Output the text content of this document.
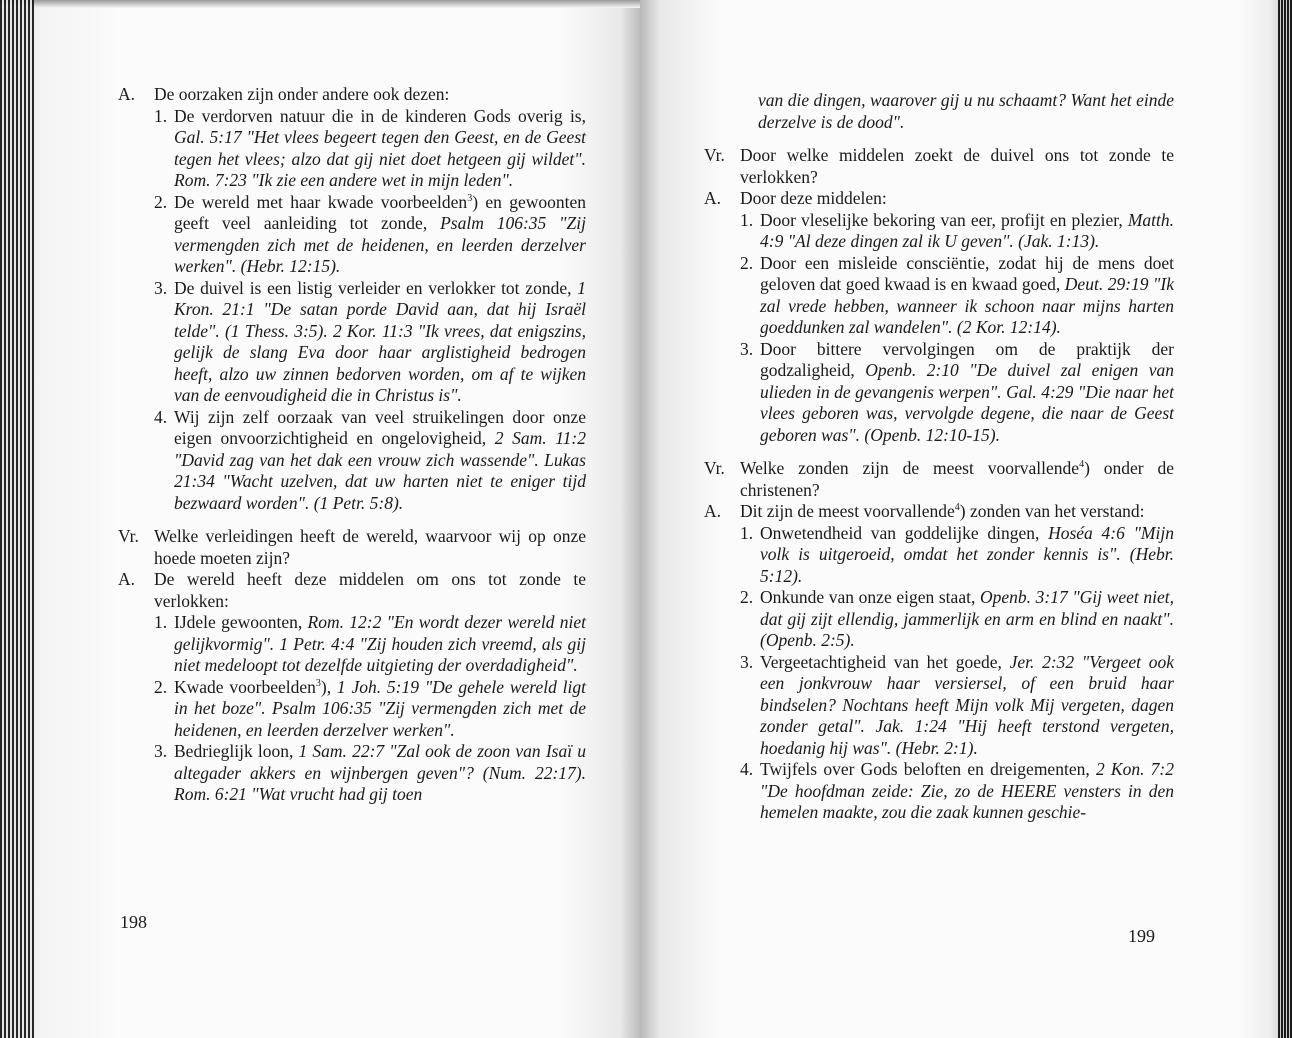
A.	De oorzaken zijn onder andere ook dezen:
1. De verdorven natuur die in de kinderen Gods overig is, Gal. 5:17 "Het vlees begeert tegen den Geest, en de Geest tegen het vlees; alzo dat gij niet doet hetgeen gij wildet". Rom. 7:23 "Ik zie een andere wet in mijn leden".
2. De wereld met haar kwade voorbeelden$^3$) en gewoonten geeft veel aanleiding tot zonde, Psalm 106:35 "Zij vermengden zich met de heidenen, en leerden derzelver werken". (Hebr. 12:15).
3. De duivel is een listig verleider en verlokker tot zonde, 1 Kron. 21:1 "De satan porde David aan, dat hij Israël telde". (1 Thess. 3:5). 2 Kor. 11:3 "Ik vrees, dat enigszins, gelijk de slang Eva door haar arglistigheid bedrogen heeft, alzo uw zinnen bedorven worden, om af te wijken van de eenvoudigheid die in Christus is".
4. Wij zijn zelf oorzaak van veel struikelingen door onze eigen onvoorzichtigheid en ongelovigheid, 2 Sam. 11:2 "David zag van het dak een vrouw zich wassende". Lukas 21:34 "Wacht uzelven, dat uw harten niet te eniger tijd bezwaard worden". (1 Petr. 5:8).
Vr. Welke verleidingen heeft de wereld, waarvoor wij op onze hoede moeten zijn?
A.	De wereld heeft deze middelen om ons tot zonde te verlokken:
1. IJdele gewoonten, Rom. 12:2 "En wordt dezer wereld niet gelijkvormig". 1 Petr. 4:4 "Zij houden zich vreemd, als gij niet medeloopt tot dezelfde uitgieting der overdadigheid".
2. Kwade voorbeelden$^3$), 1 Joh. 5:19 "De gehele wereld ligt in het boze". Psalm 106:35 "Zij vermengden zich met de heidenen, en leerden derzelver werken".
3. Bedrieglijk loon, 1 Sam. 22:7 "Zal ook de zoon van Isaï u altegader akkers en wijnbergen geven"? (Num. 22:17). Rom. 6:21 "Wat vrucht had gij toen
198
van die dingen, waarover gij u nu schaamt? Want het einde derzelve is de dood".
Vr. Door welke middelen zoekt de duivel ons tot zonde te verlokken?
A.	Door deze middelen:
1. Door vleselijke bekoring van eer, profijt en plezier, Matth. 4:9 "Al deze dingen zal ik U geven". (Jak. 1:13).
2. Door een misleide consciëntie, zodat hij de mens doet geloven dat goed kwaad is en kwaad goed, Deut. 29:19 "Ik zal vrede hebben, wanneer ik schoon naar mijns harten goeddunken zal wandelen". (2 Kor. 12:14).
3. Door bittere vervolgingen om de praktijk der godzaligheid, Openb. 2:10 "De duivel zal enigen van ulieden in de gevangenis werpen". Gal. 4:29 "Die naar het vlees geboren was, vervolgde degene, die naar de Geest geboren was". (Openb. 12:10-15).
Vr. Welke zonden zijn de meest voorvallende$^4$) onder de christenen?
A.	Dit zijn de meest voorvallende$^4$) zonden van het verstand:
1. Onwetendheid van goddelijke dingen, Hoséa 4:6 "Mijn volk is uitgeroeid, omdat het zonder kennis is". (Hebr. 5:12).
2. Onkunde van onze eigen staat, Openb. 3:17 "Gij weet niet, dat gij zijt ellendig, jammerlijk en arm en blind en naakt". (Openb. 2:5).
3. Vergeetachtigheid van het goede, Jer. 2:32 "Vergeet ook een jonkvrouw haar versiersel, of een bruid haar bindselen? Nochtans heeft Mijn volk Mij vergeten, dagen zonder getal". Jak. 1:24 "Hij heeft terstond vergeten, hoedanig hij was". (Hebr. 2:1).
4. Twijfels over Gods beloften en dreigementen, 2 Kon. 7:2 "De hoofdman zeide: Zie, zo de HEERE vensters in den hemelen maakte, zou die zaak kunnen geschie-
199
